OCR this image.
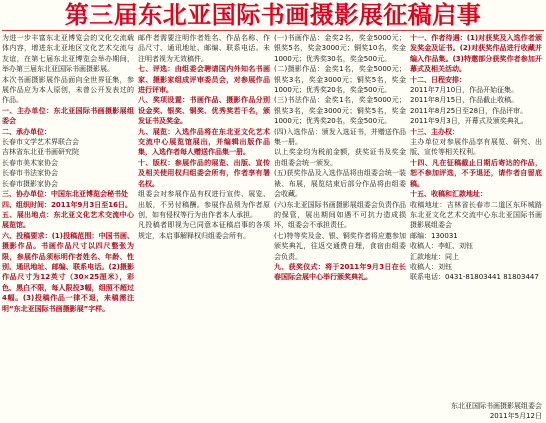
第三届东北亚国际书画摄影展征稿启事

为进一步丰富东北亚博览会的文化交流载体内容，增进东北亚地区文化艺术交流与友谊，在第七届东北亚博览会举办期间，举办第三届东北亚国际书画摄影展。

本次书画摄影展作品面向全世界征集，参展作品应为本人原创，未曾公开发表过的作品。

一、主办单位：东北亚国际书画摄影展组委会

二、承办单位：

长春市文学艺术界联合会

吉林省东北亚书画研究院

长春市美术家协会

长春市书法家协会

长春市摄影家协会

三、协办单位：中国东北亚博览会秘书处

四、组织时间：2011年9月3日至16日。

五、展出地点：东北亚文化艺术交流中心展览馆。

六、投稿要求：(1)投稿范围：中国书画、摄影作品。书画作品尺寸以四尺整张为限，参展作品须标明作者姓名、年龄、性别、通讯地址、邮编、联系电话。(2)摄影作品尺寸为12英寸（30×25厘米），彩色、黑白不限，每人限投3幅，组照不超过4幅。(3)投稿作品一律不退，来稿需注明“东北亚国际书画摄影展”字样。

邮件者需要注明作者姓名、作品名称、作品尺寸、通讯地址、邮编、联系电话。未注明者视为无效稿件。

七、评选：由组委会聘请国内外知名书画家、摄影家组成评审委员会，对参展作品进行评审。

八、奖项设置：书画作品、摄影作品分别设金奖、银奖、铜奖、优秀奖若干名，颁发证书及奖金。

九、展览：入选作品将在东北亚文化艺术交流中心展览馆展出，并编辑出版作品集，入选作者每人赠送作品集一册。

十、版权：参展作品的展览、出版、宣传及相关使用权归组委会所有，作者享有署名权。

组委会对参展作品有权进行宣传、展览、出版，不另付稿酬。参展作品须为作者原创，如有侵权等行为由作者本人承担。

凡投稿者即视为已同意本征稿启事的各项规定，本启事解释权归组委会所有。

(一)书画作品：金奖2名，奖金5000元；银奖5名，奖金3000元；铜奖10名，奖金1000元；优秀奖30名，奖金500元。

(二)摄影作品：金奖1名，奖金5000元；银奖3名，奖金3000元；铜奖5名，奖金1000元；优秀奖20名，奖金500元。

(三)书法作品：金奖1名，奖金5000元；银奖3名，奖金3000元；铜奖5名，奖金1000元；优秀奖20名，奖金500元。

(四)入选作品：颁发入选证书，并赠送作品集一册。

以上奖金均为税前金额，获奖证书及奖金由组委会统一颁发。

(五)获奖作品及入选作品将由组委会统一装裱、布展，展览结束后部分作品将由组委会收藏。

(六)东北亚国际书画摄影展组委会负责作品的保管，展出期间如遇不可抗力造成损坏，组委会不承担责任。

(七)特等奖及金、银、铜奖作者将应邀参加颁奖典礼，往返交通费自理，食宿由组委会负责。

九、获奖仪式：将于2011年9月3日在长春国际会展中心举行颁奖典礼。

十一、作者待遇：(1)对获奖及入选作者颁发奖金及证书。(2)对获奖作品进行收藏并编入作品集。(3)特邀部分获奖作者参加开幕式及相关活动。

十二、日程安排：

2011年7月10日，作品开始征集。

2011年8月15日，作品截止收稿。

2011年8月25日至28日，作品评审。

2011年9月3日，开幕式及颁奖典礼。

十三、主办权：

主办单位对参展作品享有展览、研究、出版、宣传等相关权利。

十四、凡在征稿截止日期后寄达的作品，恕不参加评选，不予退还，请作者自留底稿。

十五、收稿和汇款地址：

收稿地址：吉林省长春市二道区东环城路东北亚文化艺术交流中心东北亚国际书画摄影展组委会

邮编：130031

收稿人：李虹、刘钰

汇款地址：同上

收稿人：刘钰

联系电话：0431-81803441 81803447

东北亚国际书画摄影展组委会
2011年5月12日
